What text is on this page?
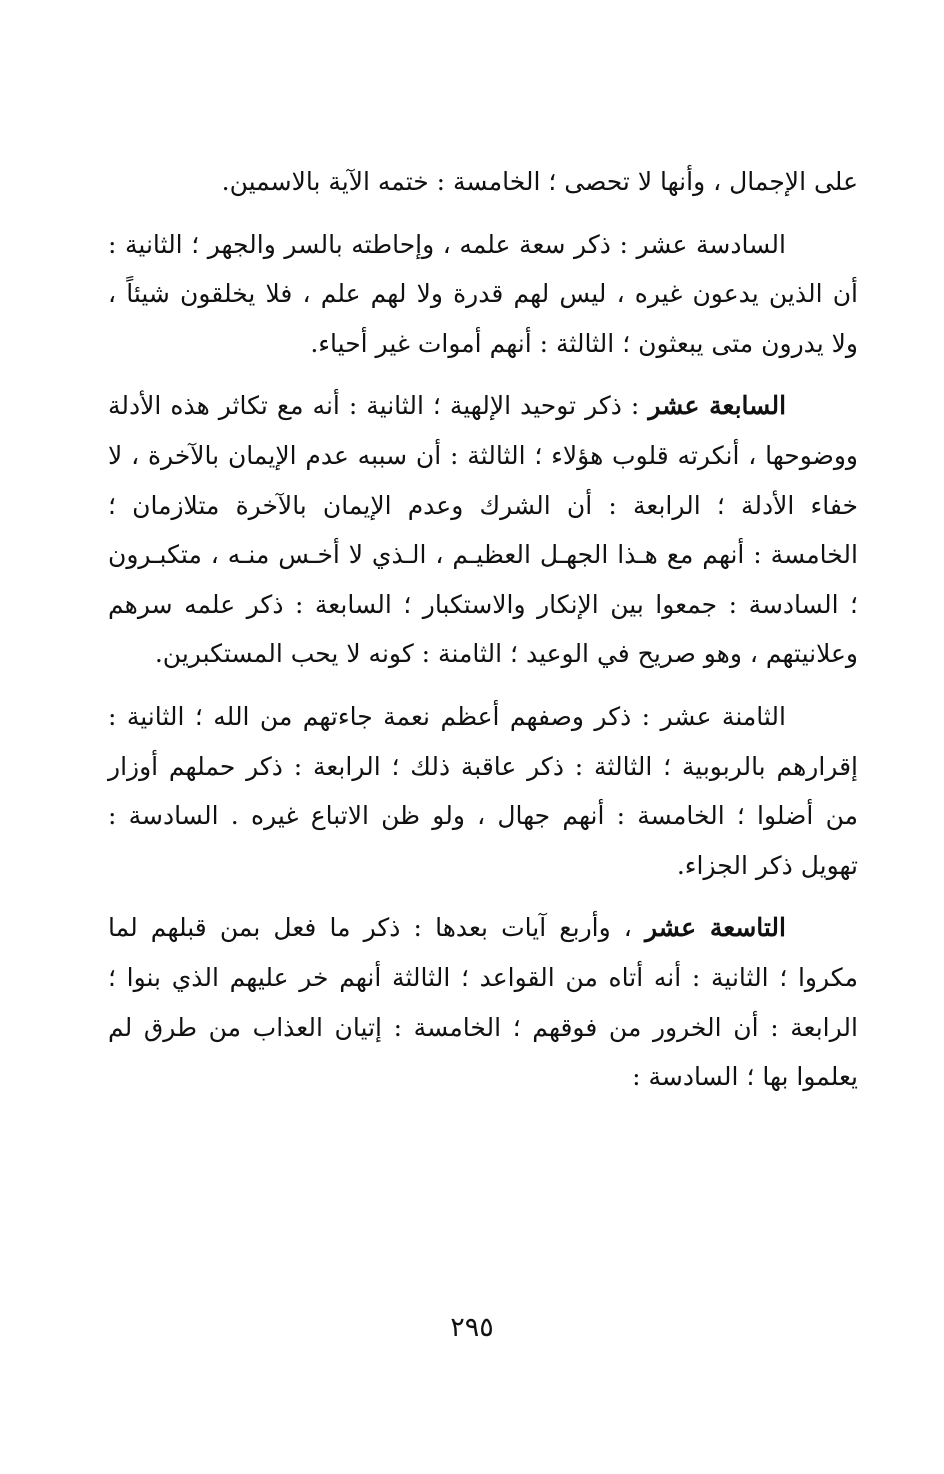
على الإجمال ، وأنها لا تحصى ؛ الخامسة : ختمه الآية بالاسمين.

السادسة عشر : ذكر سعة علمه ، وإحاطته بالسر والجهر ؛ الثانية : أن الذين يدعون غيره ، ليس لهم قدرة ولا لهم علم ، فلا يخلقون شيئاً ، ولا يدرون متى يبعثون ؛ الثالثة : أنهم أموات غير أحياء.

السابعة عشر : ذكر توحيد الإلهية ؛ الثانية : أنه مع تكاثر هذه الأدلة ووضوحها ، أنكرته قلوب هؤلاء ؛ الثالثة : أن سببه عدم الإيمان بالآخرة ، لا خفاء الأدلة ؛ الرابعة : أن الشرك وعدم الإيمان بالآخرة متلازمان ؛ الخامسة : أنهم مع هـذا الجهـل العظيـم ، الـذي لا أخـس منـه ، متكبـرون ؛ السادسة : جمعوا بين الإنكار والاستكبار ؛ السابعة : ذكر علمه سرهم وعلانيتهم ، وهو صريح في الوعيد ؛ الثامنة : كونه لا يحب المستكبرين.

الثامنة عشر : ذكر وصفهم أعظم نعمة جاءتهم من الله ؛ الثانية : إقرارهم بالربوبية ؛ الثالثة : ذكر عاقبة ذلك ؛ الرابعة : ذكر حملهم أوزار من أضلوا ؛ الخامسة : أنهم جهال ، ولو ظن الاتباع غيره . السادسة : تهويل ذكر الجزاء.

التاسعة عشر ، وأربع آيات بعدها : ذكر ما فعل بمن قبلهم لما مكروا ؛ الثانية : أنه أتاه من القواعد ؛ الثالثة أنهم خر عليهم الذي بنوا ؛ الرابعة : أن الخرور من فوقهم ؛ الخامسة : إتيان العذاب من طرق لم يعلموا بها ؛ السادسة :

٢٩٥
